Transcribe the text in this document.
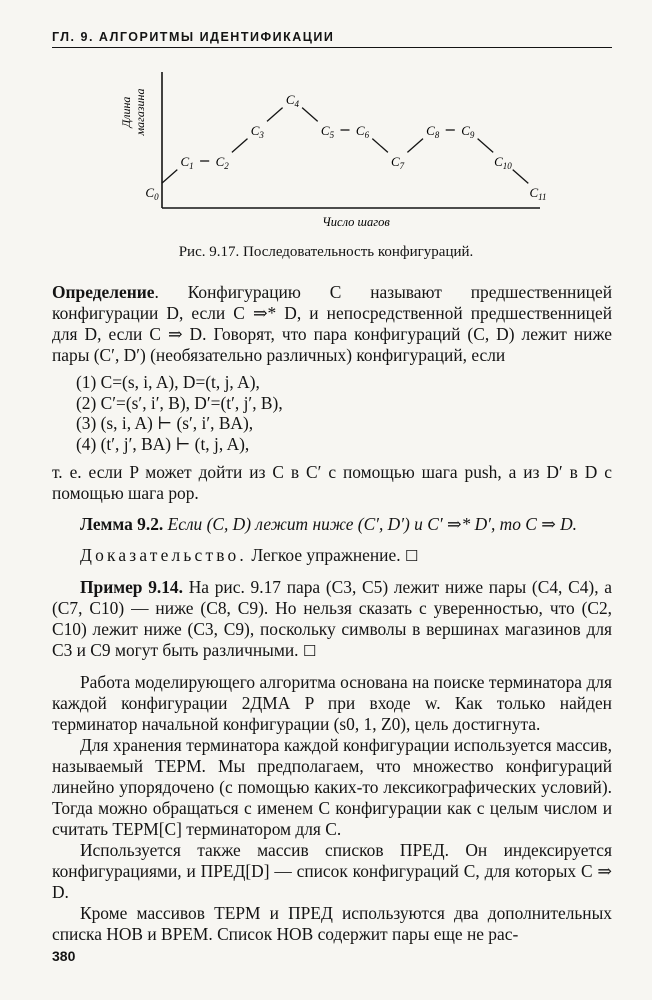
ГЛ. 9. АЛГОРИТМЫ ИДЕНТИФИКАЦИИ
Длина магазина
Число шагов
$C_0$
$C_1$ $C_2$
$C_3$
$C_4$
$C_5$ $C_6$
$C_7$
$C_8$ $C_9$
$C_{10}$
$C_{11}$
Рис. 9.17. Последовательность конфигураций.

Определение. Конфигурацию C называют предшественницей конфигурации D, если C ⇒* D, и непосредственной предшественницей для D, если C ⇒ D. Говорят, что пара конфигураций (C, D) лежит ниже пары (C′, D′) (необязательно различных) конфигураций, если

(1) C=(s, i, A), D=(t, j, A),
(2) C′=(s′, i′, B), D′=(t′, j′, B),
(3) (s, i, A) ⊢ (s′, i′, BA),
(4) (t′, j′, BA) ⊢ (t, j, A),

т. е. если P может дойти из C в C′ с помощью шага push, а из D′ в D с помощью шага pop.

Лемма 9.2. Если (C, D) лежит ниже (C′, D′) и C′ ⇒* D′, то C ⇒ D.

Доказательство. Легкое упражнение. ☐

Пример 9.14. На рис. 9.17 пара (C3, C5) лежит ниже пары (C4, C4), а (C7, C10) — ниже (C8, C9). Но нельзя сказать с уверенностью, что (C2, C10) лежит ниже (C3, C9), поскольку символы в вершинах магазинов для C3 и C9 могут быть различными. ☐

Работа моделирующего алгоритма основана на поиске терминатора для каждой конфигурации 2ДМА P при входе w. Как только найден терминатор начальной конфигурации (s0, 1, Z0), цель достигнута.

Для хранения терминатора каждой конфигурации используется массив, называемый ТЕРМ. Мы предполагаем, что множество конфигураций линейно упорядочено (с помощью каких-то лексикографических условий). Тогда можно обращаться с именем C конфигурации как с целым числом и считать ТЕРМ[C] терминатором для C.

Используется также массив списков ПРЕД. Он индексируется конфигурациями, и ПРЕД[D] — список конфигураций C, для которых C ⇒ D.

Кроме массивов ТЕРМ и ПРЕД используются два дополнительных списка НОВ и ВРЕМ. Список НОВ содержит пары еще не рас-

380
